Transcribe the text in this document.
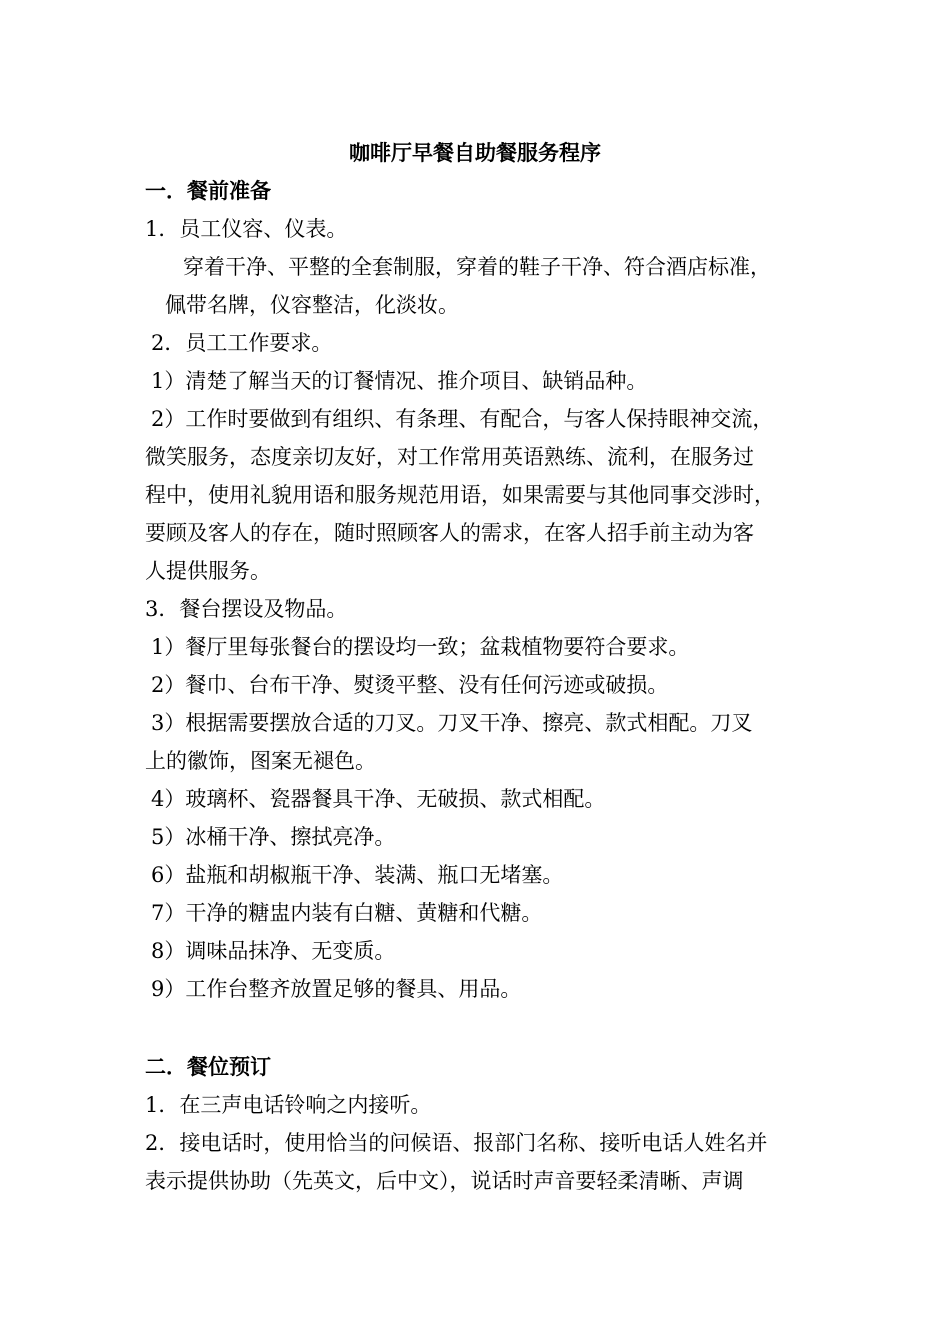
咖啡厅早餐自助餐服务程序
一．餐前准备
1．员工仪容、仪表。
穿着干净、平整的全套制服，穿着的鞋子干净、符合酒店标准，
佩带名牌，仪容整洁，化淡妆。
2．员工工作要求。
1）清楚了解当天的订餐情况、推介项目、缺销品种。
2）工作时要做到有组织、有条理、有配合，与客人保持眼神交流，
微笑服务，态度亲切友好，对工作常用英语熟练、流利，在服务过
程中，使用礼貌用语和服务规范用语，如果需要与其他同事交涉时，
要顾及客人的存在，随时照顾客人的需求，在客人招手前主动为客
人提供服务。
3．餐台摆设及物品。
1）餐厅里每张餐台的摆设均一致；盆栽植物要符合要求。
2）餐巾、台布干净、熨烫平整、没有任何污迹或破损。
3）根据需要摆放合适的刀叉。刀叉干净、擦亮、款式相配。刀叉
上的徽饰，图案无褪色。
4）玻璃杯、瓷器餐具干净、无破损、款式相配。
5）冰桶干净、擦拭亮净。
6）盐瓶和胡椒瓶干净、装满、瓶口无堵塞。
7）干净的糖盅内装有白糖、黄糖和代糖。
8）调味品抹净、无变质。
9）工作台整齐放置足够的餐具、用品。
二．餐位预订
1．在三声电话铃响之内接听。
2．接电话时，使用恰当的问候语、报部门名称、接听电话人姓名并
表示提供协助（先英文，后中文），说话时声音要轻柔清晰、声调
